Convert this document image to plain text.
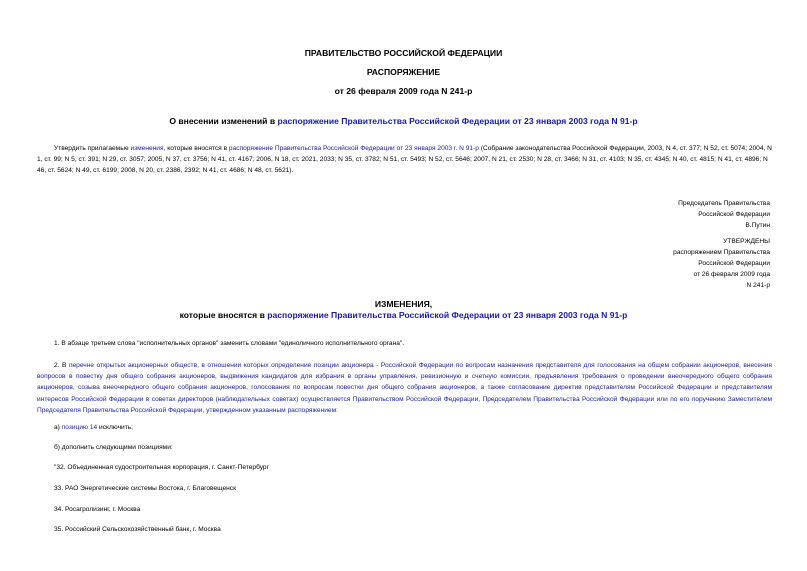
ПРАВИТЕЛЬСТВО РОССИЙСКОЙ ФЕДЕРАЦИИ
РАСПОРЯЖЕНИЕ
от 26 февраля 2009 года N 241-р
О внесении изменений в распоряжение Правительства Российской Федерации от 23 января 2003 года N 91-р
Утвердить прилагаемые изменения, которые вносятся в распоряжение Правительства Российской Федерации от 23 января 2003 г. N 91-р (Собрание законодательства Российской Федерации, 2003, N 4, ст. 377; N 52, ст. 5074; 2004, N 1, ст. 99; N 5, ст. 391; N 29, ст. 3057; 2005, N 37, ст. 3756; N 41, ст. 4167; 2006, N 18, ст. 2021, 2033; N 35, ст. 3782; N 51, ст. 5493; N 52, ст. 5646; 2007, N 21, ст. 2530; N 28, ст. 3466; N 31, ст. 4103; N 35, ст. 4345; N 40, ст. 4815; N 41, ст. 4896; N 46, ст. 5624; N 49, ст. 6199; 2008, N 20, ст. 2386, 2392; N 41, ст. 4686; N 48, ст. 5621).
Председатель Правительства
Российской Федерации
В.Путин
УТВЕРЖДЕНЫ
распоряжением Правительства
Российской Федерации
от 26 февраля 2009 года
N 241-р
ИЗМЕНЕНИЯ,
которые вносятся в распоряжение Правительства Российской Федерации от 23 января 2003 года N 91-р
1. В абзаце третьем слова "исполнительных органов" заменить словами "единоличного исполнительного органа".
2. В перечне открытых акционерных обществ, в отношении которых определение позиции акционера - Российской Федерации по вопросам назначения представителя для голосования на общем собрании акционеров, внесения вопросов в повестку дня общего собрания акционеров, выдвижения кандидатов для избрания в органы управления, ревизионную и счетную комиссии, предъявления требования о проведении внеочередного общего собрания акционеров, созыва внеочередного общего собрания акционеров, голосования по вопросам повестки дня общего собрания акционеров, а также согласование директив представителям Российской Федерации и представителям интересов Российской Федерации в советах директоров (наблюдательных советах) осуществляется Правительством Российской Федерации, Председателем Правительства Российской Федерации или по его поручению Заместителем Председателя Правительства Российской Федерации, утвержденном указанным распоряжением:
а) позицию 14 исключить;
б) дополнить следующими позициями:
"32. Объединенная судостроительная корпорация, г. Санкт-Петербург
33. РАО Энергетические системы Востока, г. Благовещенск
34. Росагролизинг, г. Москва
35. Российский Сельскохозяйственный банк, г. Москва
